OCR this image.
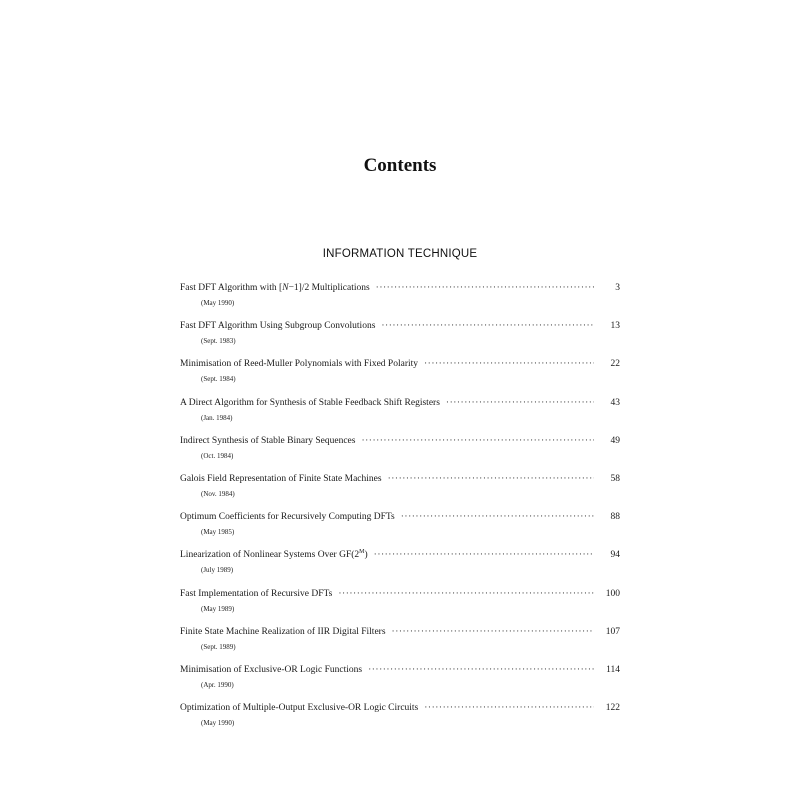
Contents
INFORMATION TECHNIQUE
Fast DFT Algorithm with [N−1]/2 Multiplications ·····	3
(May 1990)
Fast DFT Algorithm Using Subgroup Convolutions ·····	13
(Sept. 1983)
Minimisation of Reed-Muller Polynomials with Fixed Polarity ·····	22
(Sept. 1984)
A Direct Algorithm for Synthesis of Stable Feedback Shift Registers ·····	43
(Jan. 1984)
Indirect Synthesis of Stable Binary Sequences ·····	49
(Oct. 1984)
Galois Field Representation of Finite State Machines ·····	58
(Nov. 1984)
Optimum Coefficients for Recursively Computing DFTs ·····	88
(May 1985)
Linearization of Nonlinear Systems Over $GF(2^M)$ ·····	94
(July 1989)
Fast Implementation of Recursive DFTs ·····	100
(May 1989)
Finite State Machine Realization of IIR Digital Filters ·····	107
(Sept. 1989)
Minimisation of Exclusive-OR Logic Functions ·····	114
(Apr. 1990)
Optimization of Multiple-Output Exclusive-OR Logic Circuits ·····	122
(May 1990)
